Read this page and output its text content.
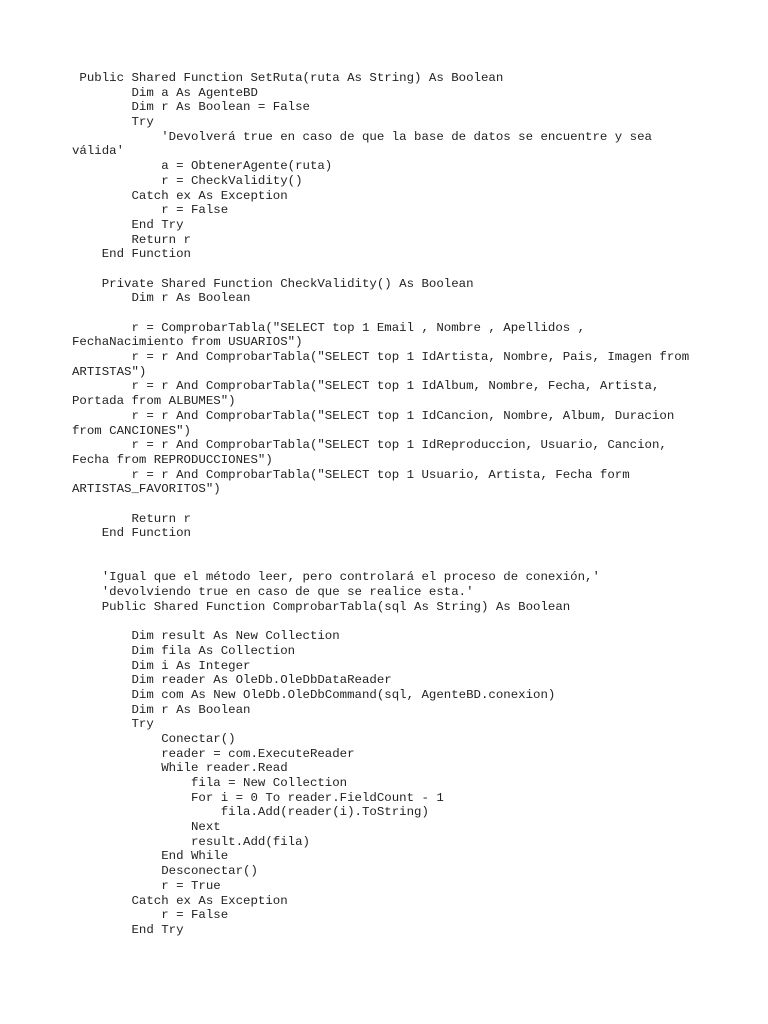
Public Shared Function SetRuta(ruta As String) As Boolean
Dim a As AgenteBD
Dim r As Boolean = False
Try
'Devolverá true en caso de que la base de datos se encuentre y sea
válida'
a = ObtenerAgente(ruta)
r = CheckValidity()
Catch ex As Exception
r = False
End Try
Return r
End Function
Private Shared Function CheckValidity() As Boolean
Dim r As Boolean
r = ComprobarTabla("SELECT top 1 Email , Nombre , Apellidos ,
FechaNacimiento from USUARIOS")
r = r And ComprobarTabla("SELECT top 1 IdArtista, Nombre, Pais, Imagen from
ARTISTAS")
r = r And ComprobarTabla("SELECT top 1 IdAlbum, Nombre, Fecha, Artista,
Portada from ALBUMES")
r = r And ComprobarTabla("SELECT top 1 IdCancion, Nombre, Album, Duracion
from CANCIONES")
r = r And ComprobarTabla("SELECT top 1 IdReproduccion, Usuario, Cancion,
Fecha from REPRODUCCIONES")
r = r And ComprobarTabla("SELECT top 1 Usuario, Artista, Fecha form
ARTISTAS_FAVORITOS")
Return r
End Function
'Igual que el método leer, pero controlará el proceso de conexión,'
'devolviendo true en caso de que se realice esta.'
Public Shared Function ComprobarTabla(sql As String) As Boolean
Dim result As New Collection
Dim fila As Collection
Dim i As Integer
Dim reader As OleDb.OleDbDataReader
Dim com As New OleDb.OleDbCommand(sql, AgenteBD.conexion)
Dim r As Boolean
Try
Conectar()
reader = com.ExecuteReader
While reader.Read
fila = New Collection
For i = 0 To reader.FieldCount - 1
fila.Add(reader(i).ToString)
Next
result.Add(fila)
End While
Desconectar()
r = True
Catch ex As Exception
r = False
End Try
